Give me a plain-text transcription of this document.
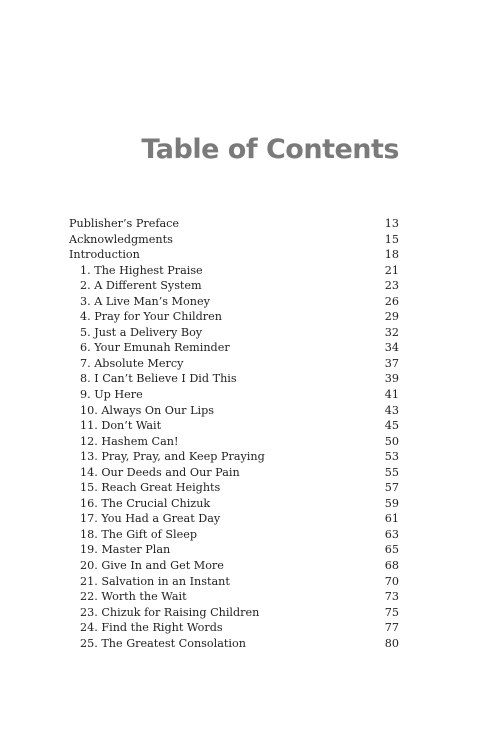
Table of Contents
Publisher’s Preface	13
Acknowledgments	15
Introduction	18
1. The Highest Praise	21
2. A Different System	23
3. A Live Man’s Money	26
4. Pray for Your Children	29
5. Just a Delivery Boy	32
6. Your Emunah Reminder	34
7. Absolute Mercy	37
8. I Can’t Believe I Did This	39
9. Up Here	41
10. Always On Our Lips	43
11. Don’t Wait	45
12. Hashem Can!	50
13. Pray, Pray, and Keep Praying	53
14. Our Deeds and Our Pain	55
15. Reach Great Heights	57
16. The Crucial Chizuk	59
17. You Had a Great Day	61
18. The Gift of Sleep	63
19. Master Plan	65
20. Give In and Get More	68
21. Salvation in an Instant	70
22. Worth the Wait	73
23. Chizuk for Raising Children	75
24. Find the Right Words	77
25. The Greatest Consolation	80
